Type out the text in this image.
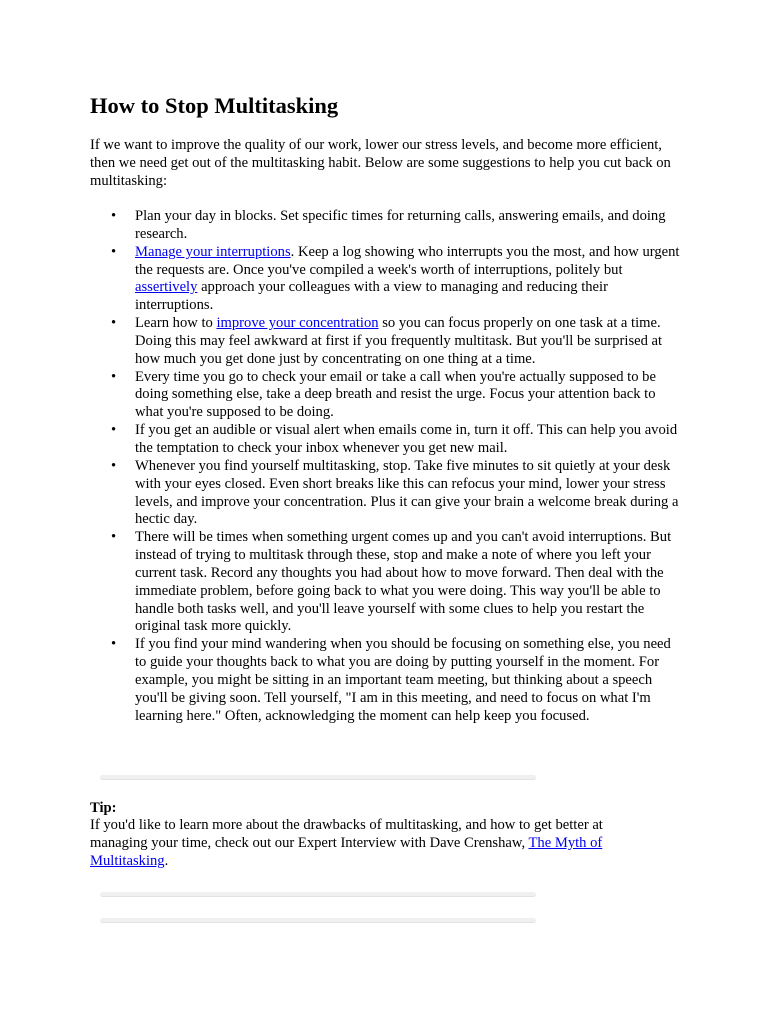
How to Stop Multitasking

If we want to improve the quality of our work, lower our stress levels, and become more efficient, then we need get out of the multitasking habit. Below are some suggestions to help you cut back on multitasking:

• Plan your day in blocks. Set specific times for returning calls, answering emails, and doing research.
• Manage your interruptions. Keep a log showing who interrupts you the most, and how urgent the requests are. Once you've compiled a week's worth of interruptions, politely but assertively approach your colleagues with a view to managing and reducing their interruptions.
• Learn how to improve your concentration so you can focus properly on one task at a time. Doing this may feel awkward at first if you frequently multitask. But you'll be surprised at how much you get done just by concentrating on one thing at a time.
• Every time you go to check your email or take a call when you're actually supposed to be doing something else, take a deep breath and resist the urge. Focus your attention back to what you're supposed to be doing.
• If you get an audible or visual alert when emails come in, turn it off. This can help you avoid the temptation to check your inbox whenever you get new mail.
• Whenever you find yourself multitasking, stop. Take five minutes to sit quietly at your desk with your eyes closed. Even short breaks like this can refocus your mind, lower your stress levels, and improve your concentration. Plus it can give your brain a welcome break during a hectic day.
• There will be times when something urgent comes up and you can't avoid interruptions. But instead of trying to multitask through these, stop and make a note of where you left your current task. Record any thoughts you had about how to move forward. Then deal with the immediate problem, before going back to what you were doing. This way you'll be able to handle both tasks well, and you'll leave yourself with some clues to help you restart the original task more quickly.
• If you find your mind wandering when you should be focusing on something else, you need to guide your thoughts back to what you are doing by putting yourself in the moment. For example, you might be sitting in an important team meeting, but thinking about a speech you'll be giving soon. Tell yourself, "I am in this meeting, and need to focus on what I'm learning here." Often, acknowledging the moment can help keep you focused.
Tip:
If you'd like to learn more about the drawbacks of multitasking, and how to get better at managing your time, check out our Expert Interview with Dave Crenshaw, The Myth of Multitasking.
